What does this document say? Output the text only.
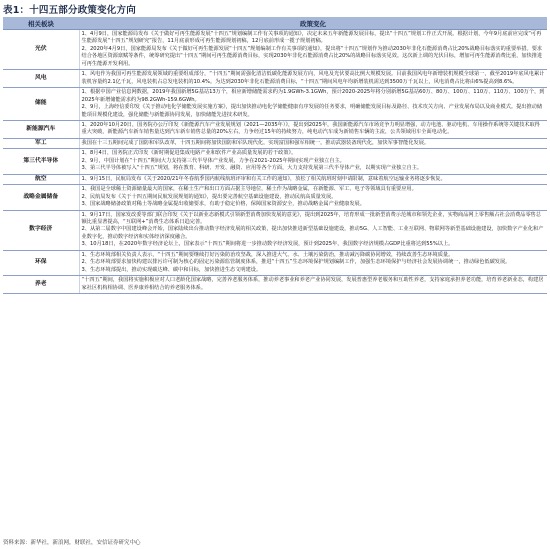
表1：十四五部分政策变化方向
相关板块	政策变化
光伏	1、4月9日，国家能源局发布《关于做好可再生能源发展“十四五”规划编制工作有关事项的通知》，决定未来五年新能源发展目标，提出“十四五”规划工作正式开展。根据计划，今年9月底前应完成“可再生能源发展“十四五”规划研究”报告，11月底前形成可再生能源规划初稿，12月底前形成一揽子规划初稿。
2、2020年4月9日，国家能源局发布《关于做好可再生能源发展“十四五”规划编制工作有关事项的通知》，提出将“十四五”规划作为推动2030年非化石能源消费占比20%战略目标落实的重要举措。要求结合各地区资源禀赋等条件，统筹研究提出“十四五”期间可再生能源消费目标，实现2030年非化石能源消费占比20%的战略目标落实见效。这次新上调的光伏目标，增加可再生能源消费比重，加快推进可再生能源开发利用。

风电	1、风电作为我国可再生能源发展领域的重要组成部分，“十四五”期间需强化清洁低碳化能源发展方向，风电及光伏要高比例大规模发展。目前我国风电年新增装机规模全球第一，截至2019年底风电累计装机容量约2.1亿千瓦，风电装机占总发电装机的10.4%。为达到2030年非化石能源消费目标，“十四五”期间风电年均新增装机需达到3500万千瓦以上，风电消费占比将由6%提高到8.6%。

储能	1、根据中国产业信息网数据，2019年我国新增5G基站13万个，相应新增储能需求约为1.9GWh-3.1GWh，预计2020-2025年将分别新增5G基站60万、80万、100万、110万、110万、100万个，到2025年新增储能需求约为98.2GWh-159.6GWh。
2、9月，上海经信委印发《关于推动电化学储能发展实施方案》，提出加快推动电化学储能健康有序发展的任务要求，明确储能发展目标及路径、技术攻关方向、产业发展布局以及商业模式。提出推动储能项目规模化建设，强化储能与新能源协同发展，加快储能先进技术研发。

新能源汽车	1、2020年10月20日，国务院办公厅印发《新能源汽车产业发展规划（2021—2035年）》，提出到2025年，我国新能源汽车市场竞争力明显增强，动力电池、驱动电机、车用操作系统等关键技术取得重大突破，新能源汽车新车销售量达到汽车新车销售总量的20%左右，力争经过15年的持续努力，纯电动汽车成为新销售车辆的主流，公共领域用车全面电动化。

军工	我国在十三五期间完成了国防和军队改革，十四五期间将加快国防和军队现代化，实现富国和强军相统一，推动武器装备现代化，加快军事智能化发展。

第三代半导体	1、8月4日，国务院正式印发《新时期促进集成电路产业和软件产业高质量发展的若干政策》。
2、9月，中国计划在“十四五”期间大力支持第三代半导体产业发展，力争在2021-2025年期间实现产业独立自主。
3、第三代半导体被写入“十四五”规划，将在教育、科研、开发、融资、应用等各个方面，大力支持发展第三代半导体产业，以期实现产业独立自主。

航空	1、9月15日，民航局发布《关于2020/21年冬春航季国内航线航班评审和有关工作的通知》，放松了相关航班时刻申请限制，意味着航空运输业务将逐步恢复。

战略金属储备	1、我国是全球稀土资源储量最大的国家，在稀土生产和出口方面占据主导地位，稀土作为战略金属，在新能源、军工、电子等领域具有重要应用。
2、民航局发布《关于十四五期间民航发展规划的通知》，提出要完善航空基础设施建设，推动民航高质量发展。
3、国家战略储备政策对稀土等战略金属提出收储要求，有助于稳定价格，保障国家资源安全，推动战略金属产业健康发展。

数字经济	1、9月17日，国家发改委等部门联合印发《关于以新业态新模式引领新型消费加快发展的意见》，提出到2025年，培育形成一批新型消费示范城市和领先企业，实物商品网上零售额占社会消费品零售总额比重显著提高，“互联网+”消费生态体系日趋完善。
2、从第二届数字中国建设峰会开始，国家陆续出台推动数字经济发展的相关政策，提出加快推进新型基础设施建设，推动5G、人工智能、工业互联网、物联网等新型基础设施建设，加快数字产业化和产业数字化，推动数字经济和实体经济深度融合。
3、10月18日，在2020年数字经济论坛上，国家表示“十四五”期间将进一步推动数字经济发展，预计到2025年，我国数字经济规模占GDP比重将达到55%以上。

环保	1、生态环境部相关负责人表示，“十四五”期间要继续打好污染防治攻坚战，深入推进大气、水、土壤污染防治，推动减污降碳协同增效，持续改善生态环境质量。
2、生态环境部要求加快构建以排污许可制为核心的固定污染源监管制度体系，推进“十四五”生态环境保护规划编制工作，加强生态环境保护与经济社会发展协调统一，推动绿色低碳发展。
3、生态环境部提出，推动实现碳达峰、碳中和目标，加快推进生态文明建设。

养老	“十四五”期间，我国将实施积极应对人口老龄化国家战略，完善养老服务体系，推动养老事业和养老产业协同发展，发展普惠型养老服务和互助性养老，支持家庭承担养老功能，培育养老新业态，构建居家社区机构相协调、医养康养相结合的养老服务体系。
资料来源：新华社，新浪网，财联社，安信证券研究中心
